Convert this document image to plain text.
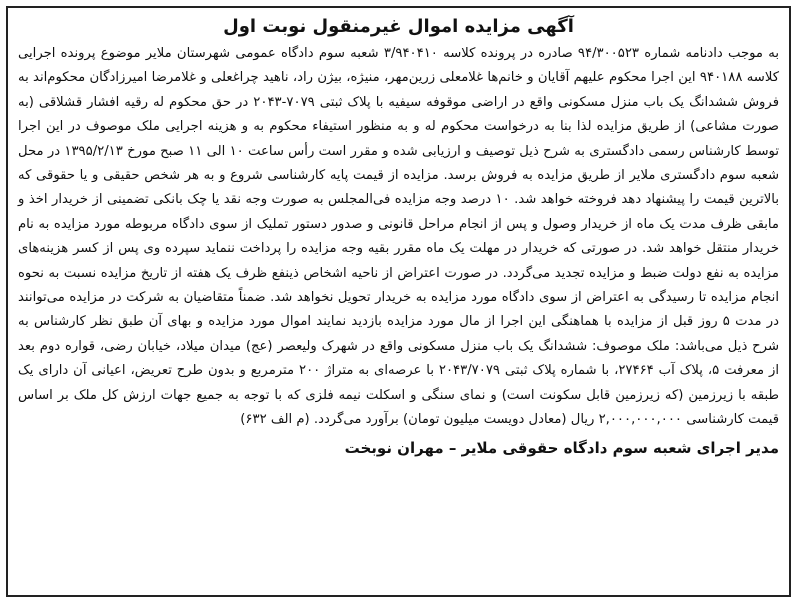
آگهی مزایده اموال غیرمنقول نوبت اول

به موجب دادنامه شماره ۹۴/۳۰۰۵۲۳ صادره در پرونده کلاسه ۳/۹۴۰۴۱۰ شعبه سوم دادگاه عمومی شهرستان ملایر موضوع پرونده اجرایی کلاسه ۹۴۰۱۸۸ این اجرا محکوم علیهم آقایان و خانم‌ها غلامعلی زرین‌مهر، منیژه، بیژن راد، ناهید چراغعلی و غلامرضا امیرزادگان محکوم‌اند به فروش ششدانگ یک باب منزل مسکونی واقع در اراضی موقوفه سیفیه با پلاک ثبتی ۷۰۷۹-۲۰۴۳ در حق محکوم له رقیه افشار قشلاقی (به صورت مشاعی) از طریق مزایده لذا بنا به درخواست محکوم له و به منظور استیفاء محکوم به و هزینه اجرایی ملک موصوف در این اجرا توسط کارشناس رسمی دادگستری به شرح ذیل توصیف و ارزیابی شده و مقرر است رأس ساعت ۱۰ الی ۱۱ صبح مورخ ۱۳۹۵/۲/۱۳ در محل شعبه سوم دادگستری ملایر از طریق مزایده به فروش برسد. مزایده از قیمت پایه کارشناسی شروع و به هر شخص حقیقی و یا حقوقی که بالاترین قیمت را پیشنهاد دهد فروخته خواهد شد. ۱۰ درصد وجه مزایده فی‌المجلس به صورت وجه نقد یا چک بانکی تضمینی از خریدار اخذ و مابقی ظرف مدت یک ماه از خریدار وصول و پس از انجام مراحل قانونی و صدور دستور تملیک از سوی دادگاه مربوطه مورد مزایده به نام خریدار منتقل خواهد شد. در صورتی که خریدار در مهلت یک ماه مقرر بقیه وجه مزایده را پرداخت ننماید سپرده وی پس از کسر هزینه‌های مزایده به نفع دولت ضبط و مزایده تجدید می‌گردد. در صورت اعتراض از ناحیه اشخاص ذینفع ظرف یک هفته از تاریخ مزایده نسبت به نحوه انجام مزایده تا رسیدگی به اعتراض از سوی دادگاه مورد مزایده به خریدار تحویل نخواهد شد. ضمناً متقاضیان به شرکت در مزایده می‌توانند در مدت ۵ روز قبل از مزایده با هماهنگی این اجرا از مال مورد مزایده بازدید نمایند اموال مورد مزایده و بهای آن طبق نظر کارشناس به شرح ذیل می‌باشد: ملک موصوف: ششدانگ یک باب منزل مسکونی واقع در شهرک ولیعصر (عج) میدان میلاد، خیابان رضی، قواره دوم بعد از معرفت ۵، پلاک آب ۲۷۴۶۴، با شماره پلاک ثبتی ۲۰۴۳/۷۰۷۹ با عرصه‌ای به متراژ ۲۰۰ مترمربع و بدون طرح تعریض، اعیانی آن دارای یک طبقه با زیرزمین (که زیرزمین قابل سکونت است) و نمای سنگی و اسکلت نیمه فلزی که با توجه به جمیع جهات ارزش کل ملک بر اساس قیمت کارشناسی ۲,۰۰۰,۰۰۰,۰۰۰ ریال (معادل دویست میلیون تومان) برآورد می‌گردد. (م الف ۶۳۲)

مدیر اجرای شعبه سوم دادگاه حقوقی ملایر – مهران نوبخت
